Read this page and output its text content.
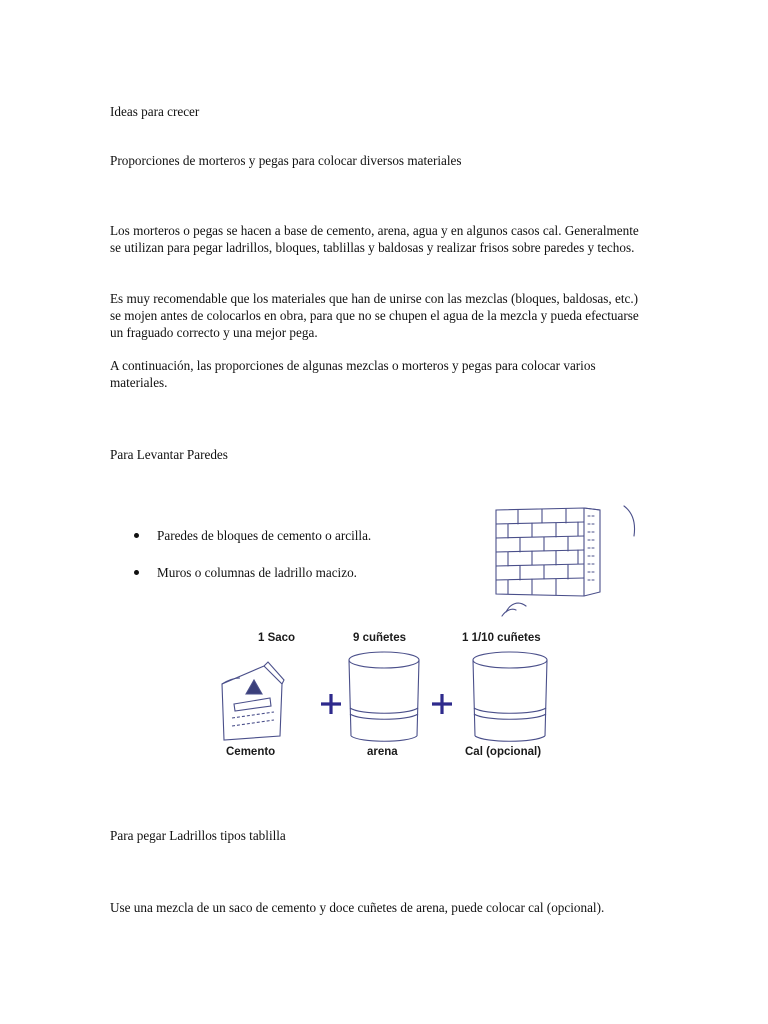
Ideas para crecer

Proporciones de morteros y pegas para colocar diversos materiales

Los morteros o pegas se hacen a base de cemento, arena, agua y en algunos casos cal. Generalmente se utilizan para pegar ladrillos, bloques, tablillas y baldosas y realizar frisos sobre paredes y techos.

Es muy recomendable que los materiales que han de unirse con las mezclas (bloques, baldosas, etc.) se mojen antes de colocarlos en obra, para que no se chupen el agua de la mezcla y pueda efectuarse un fraguado correcto y una mejor pega.

A continuación, las proporciones de algunas mezclas o morteros y pegas para colocar varios materiales.

Para Levantar Paredes

Paredes de bloques de cemento o arcilla.
Muros o columnas de ladrillo macizo.
1 Saco	9 cuñetes	1 1/10 cuñetes
Cemento	arena	Cal (opcional)

Para pegar Ladrillos tipos tablilla

Use una mezcla de un saco de cemento y doce cuñetes de arena, puede colocar cal (opcional).
